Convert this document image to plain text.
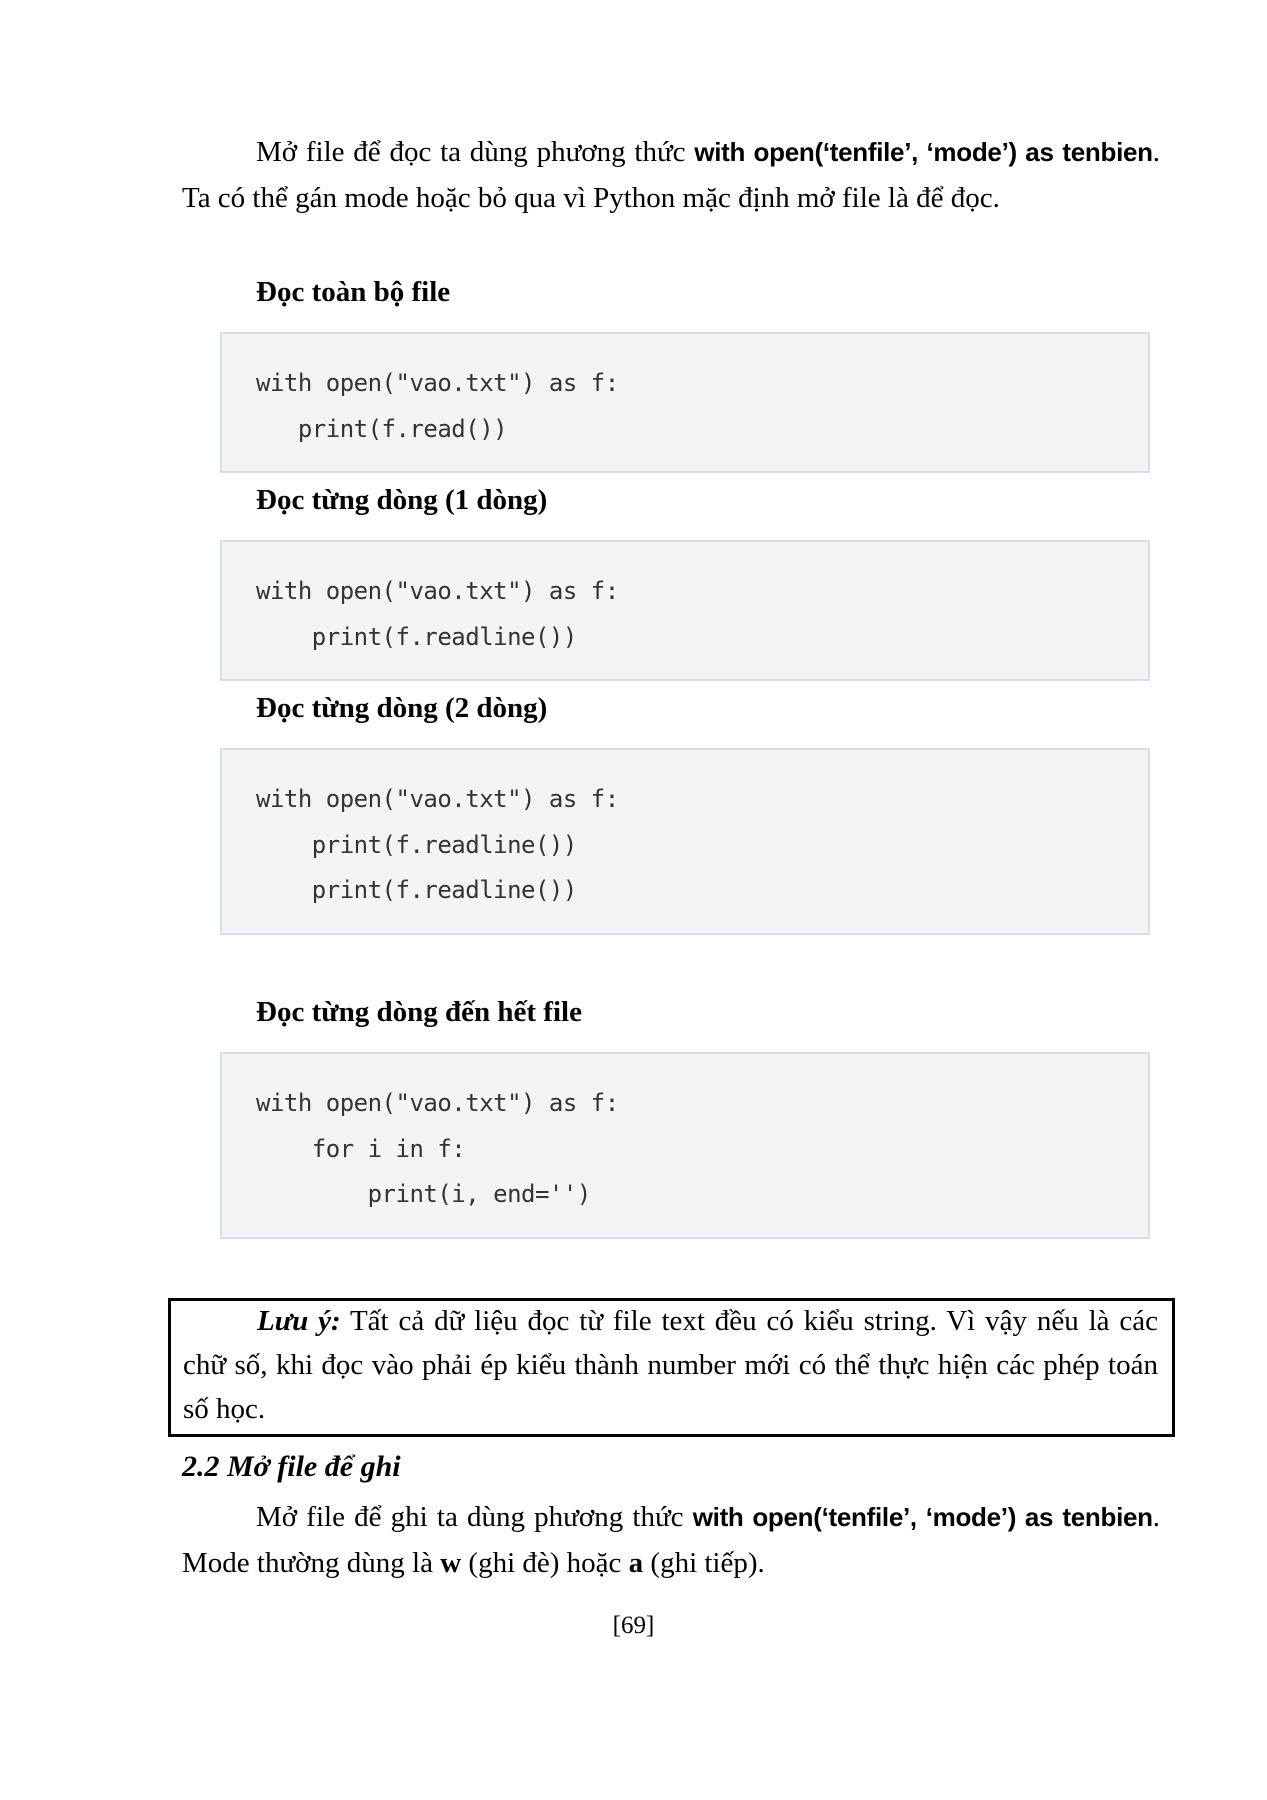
Mở file để đọc ta dùng phương thức with open(‘tenfile’, ‘mode’) as tenbien. Ta có thể gán mode hoặc bỏ qua vì Python mặc định mở file là để đọc.
Đọc toàn bộ file
with open("vao.txt") as f:
print(f.read())
Đọc từng dòng (1 dòng)
with open("vao.txt") as f:
print(f.readline())
Đọc từng dòng (2 dòng)
with open("vao.txt") as f:
print(f.readline())
print(f.readline())
Đọc từng dòng đến hết file
with open("vao.txt") as f:
for i in f:
print(i, end='')
Lưu ý: Tất cả dữ liệu đọc từ file text đều có kiểu string. Vì vậy nếu là các chữ số, khi đọc vào phải ép kiểu thành number mới có thể thực hiện các phép toán số học.
2.2 Mở file để ghi
Mở file để ghi ta dùng phương thức with open(‘tenfile’, ‘mode’) as tenbien. Mode thường dùng là w (ghi đè) hoặc a (ghi tiếp).
[69]
